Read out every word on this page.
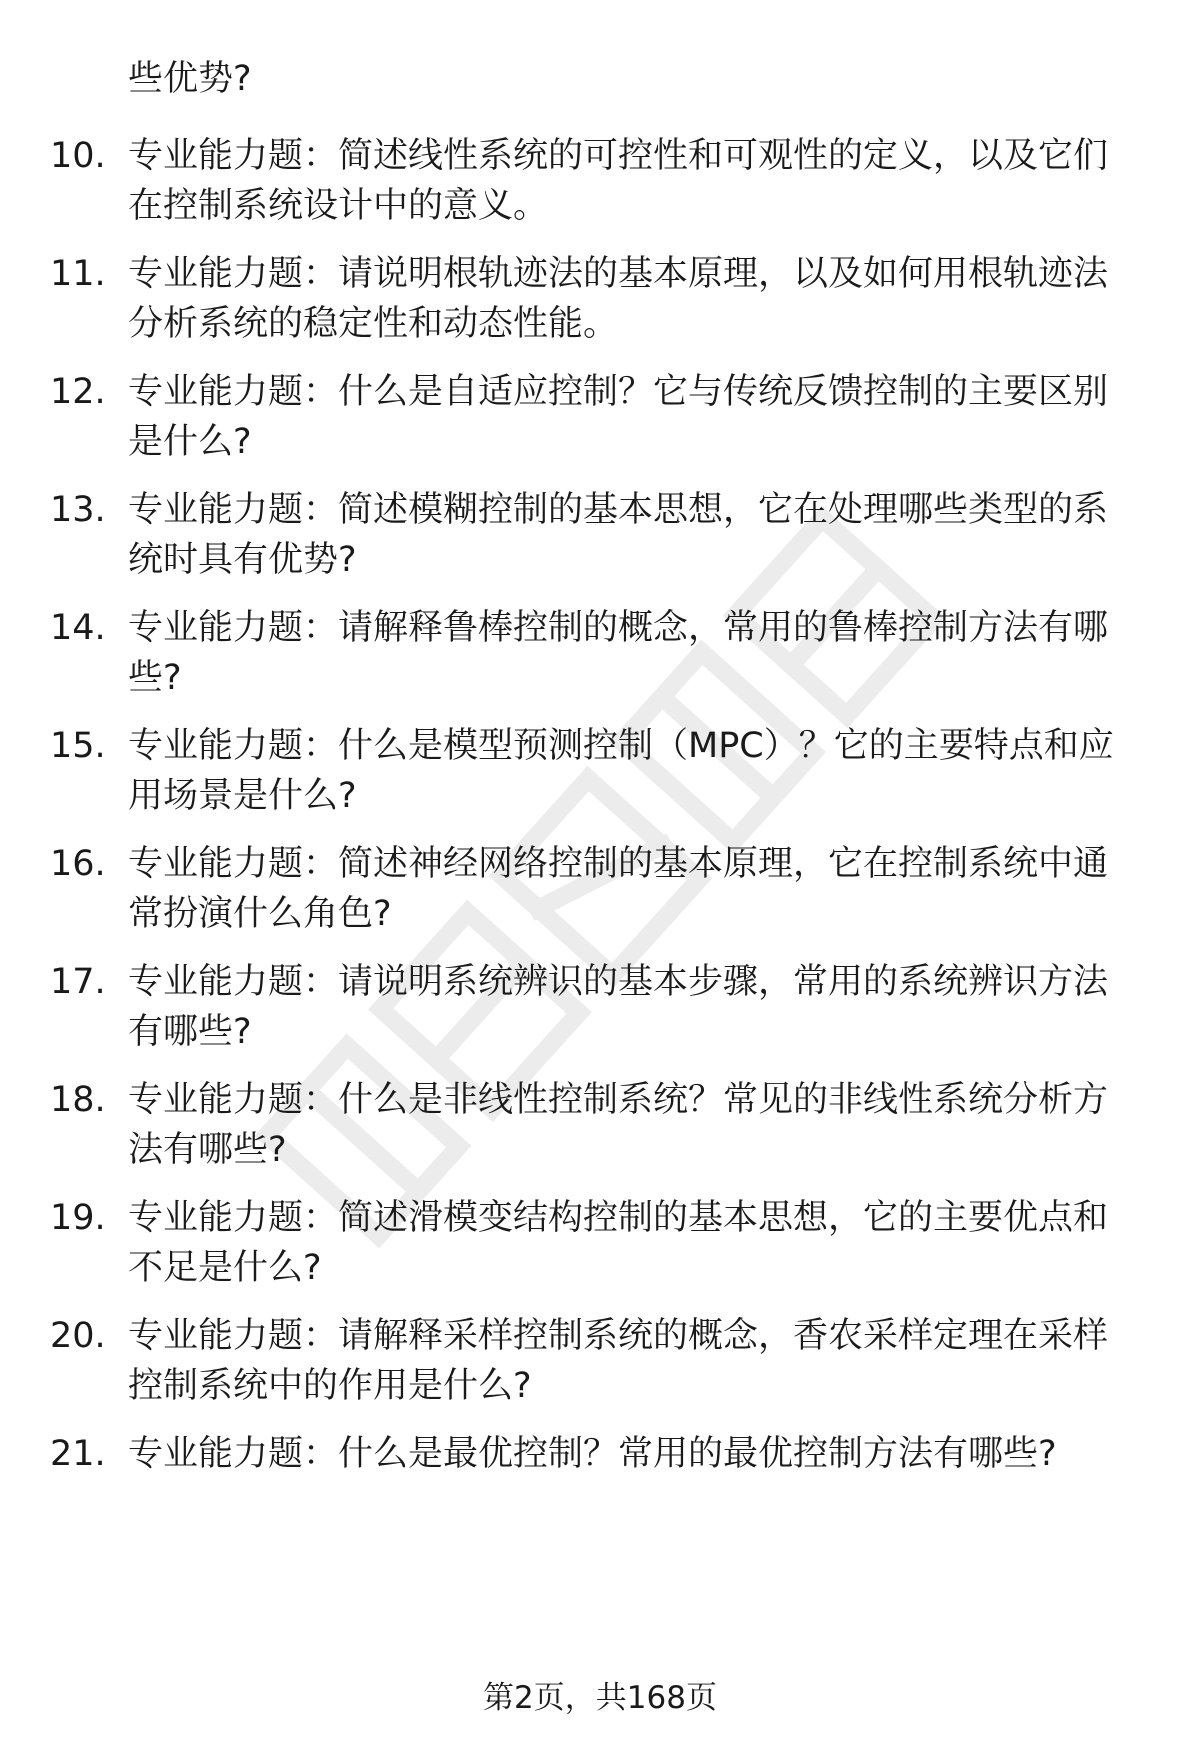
些优势?
10. 专业能力题：简述线性系统的可控性和可观性的定义，以及它们
在控制系统设计中的意义。
11. 专业能力题：请说明根轨迹法的基本原理，以及如何用根轨迹法
分析系统的稳定性和动态性能。
12. 专业能力题：什么是自适应控制？它与传统反馈控制的主要区别
是什么?
13. 专业能力题：简述模糊控制的基本思想，它在处理哪些类型的系
统时具有优势?
14. 专业能力题：请解释鲁棒控制的概念，常用的鲁棒控制方法有哪
些?
15. 专业能力题：什么是模型预测控制（MPC）？它的主要特点和应
用场景是什么?
16. 专业能力题：简述神经网络控制的基本原理，它在控制系统中通
常扮演什么角色?
17. 专业能力题：请说明系统辨识的基本步骤，常用的系统辨识方法
有哪些?
18. 专业能力题：什么是非线性控制系统？常见的非线性系统分析方
法有哪些?
19. 专业能力题：简述滑模变结构控制的基本思想，它的主要优点和
不足是什么?
20. 专业能力题：请解释采样控制系统的概念，香农采样定理在采样
控制系统中的作用是什么?
21. 专业能力题：什么是最优控制？常用的最优控制方法有哪些?
第2页，共168页
